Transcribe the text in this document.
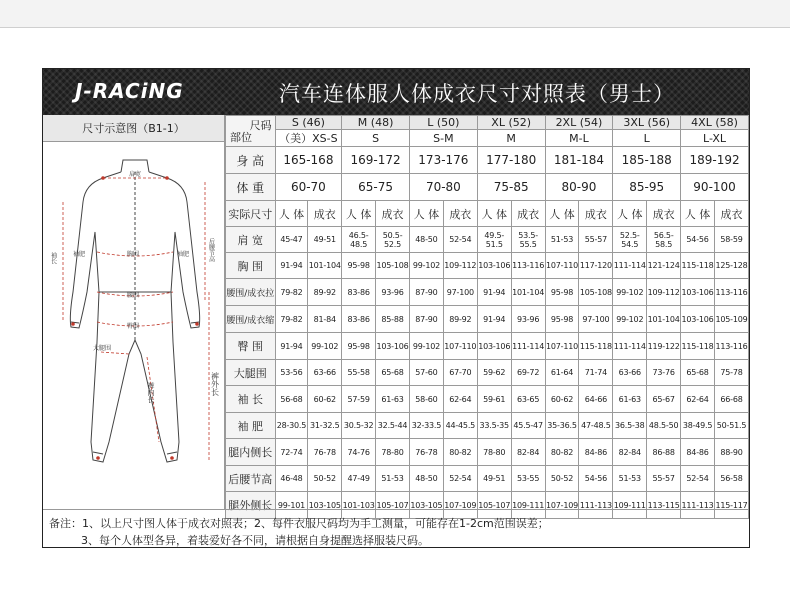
J-RACiNG	汽车连体服人体成衣尺寸对照表（男士）
尺寸示意图（B1-1）
肩宽
胸围
袖肥	袖肥
腰围
臀围
大腿围
后腰节高
袖长
裤外长
裤内长
尺码
部位	S (46)		M (48)		L (50)		XL (52)		2XL (54)		3XL (56)		4XL (58)	
	（美）XS-S		S		S-M		M		M-L		L		L-XL	
身 高	165-168		169-172		173-176		177-180		181-184		185-188		189-192	
体 重	60-70		65-75		70-80		75-85		80-90		85-95		90-100	
实际尺寸	人 体	成衣	人 体	成衣	人 体	成衣	人 体	成衣	人 体	成衣	人 体	成衣	人 体	成衣
肩 宽	45-47	49-51	46.5-48.5	50.5-52.5	48-50	52-54	49.5-51.5	53.5-55.5	51-53	55-57	52.5-54.5	56.5-58.5	54-56	58-59
胸 围	91-94	101-104	95-98	105-108	99-102	109-112	103-106	113-116	107-110	117-120	111-114	121-124	115-118	125-128
腰围/成衣拉	79-82	89-92	83-86	93-96	87-90	97-100	91-94	101-104	95-98	105-108	99-102	109-112	103-106	113-116
腰围/成衣缩	79-82	81-84	83-86	85-88	87-90	89-92	91-94	93-96	95-98	97-100	99-102	101-104	103-106	105-109
臀 围	91-94	99-102	95-98	103-106	99-102	107-110	103-106	111-114	107-110	115-118	111-114	119-122	115-118	113-116
大腿围	53-56	63-66	55-58	65-68	57-60	67-70	59-62	69-72	61-64	71-74	63-66	73-76	65-68	75-78
袖 长	56-68	60-62	57-59	61-63	58-60	62-64	59-61	63-65	60-62	64-66	61-63	65-67	62-64	66-68
袖 肥	28-30.5	31-32.5	30.5-32	32.5-44	32-33.5	44-45.5	33.5-35	45.5-47	35-36.5	47-48.5	36.5-38	48.5-50	38-49.5	50-51.5
腿内侧长	72-74	76-78	74-76	78-80	76-78	80-82	78-80	82-84	80-82	84-86	82-84	86-88	84-86	88-90
后腰节高	46-48	50-52	47-49	51-53	48-50	52-54	49-51	53-55	50-52	54-56	51-53	55-57	52-54	56-58
腿外侧长	99-101	103-105	101-103	105-107	103-105	107-109	105-107	109-111	107-109	111-113	109-111	113-115	111-113	115-117
备注：1、以上尺寸图人体于成衣对照表；2、每件衣服尺码均为手工测量，可能存在1-2cm范围误差；
3、每个人体型各异，着装爱好各不同，请根据自身提醒选择服装尺码。
